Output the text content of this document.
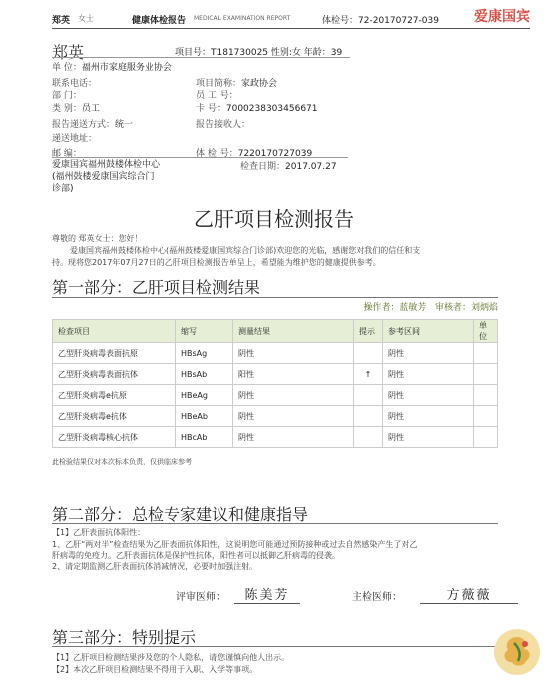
郑英 女士	健康体检报告 MEDICAL EXAMINATION REPORT	体检号：72-20170727-039	爱康国宾
郑英	项目号：T181730025 性别:女 年龄：39
单 位：福州市家庭服务业协会
联系电话：
部 门：
类 别：员工
报告递送方式：统一
递送地址：
邮 编：
项目简称：家政协会
员 工 号：
卡 号：7000238303456671
报告接收人：
体 检 号：7220170727039
爱康国宾福州鼓楼体检中心
(福州鼓楼爱康国宾综合门
诊部)
检查日期：2017.07.27
乙肝项目检测报告
尊敬的 郑英女士：您好！
爱康国宾福州鼓楼体检中心(福州鼓楼爱康国宾综合门诊部)欢迎您的光临，感谢您对我们的信任和支
持。现将您2017年07月27日的乙肝项目检测报告单呈上，希望能为维护您的健康提供参考。
第一部分：乙肝项目检测结果
操作者：蓝敏芳 审核者：刘炳焰
检查项目	缩写	测量结果	提示	参考区间	单位
乙型肝炎病毒表面抗原	HBsAg	阴性		阴性	
乙型肝炎病毒表面抗体	HBsAb	阳性	↑	阴性	
乙型肝炎病毒e抗原	HBeAg	阴性		阴性	
乙型肝炎病毒e抗体	HBeAb	阴性		阴性	
乙型肝炎病毒核心抗体	HBcAb	阴性		阴性	
此检验结果仅对本次标本负责，仅供临床参考
第二部分：总检专家建议和健康指导
【1】乙肝表面抗体阳性：
1、乙肝“两对半”检查结果为乙肝表面抗体阳性，这说明您可能通过预防接种或过去自然感染产生了对乙
肝病毒的免疫力。乙肝表面抗体是保护性抗体，阳性者可以抵御乙肝病毒的侵袭。
2、请定期监测乙肝表面抗体消减情况，必要时加强注射。
评审医师：	陈美芳	主检医师：	方薇薇
第三部分：特别提示
【1】乙肝项目检测结果涉及您的个人隐私，请您谨慎向他人出示。
【2】本次乙肝项目检测结果不得用于入职、入学等事项。
